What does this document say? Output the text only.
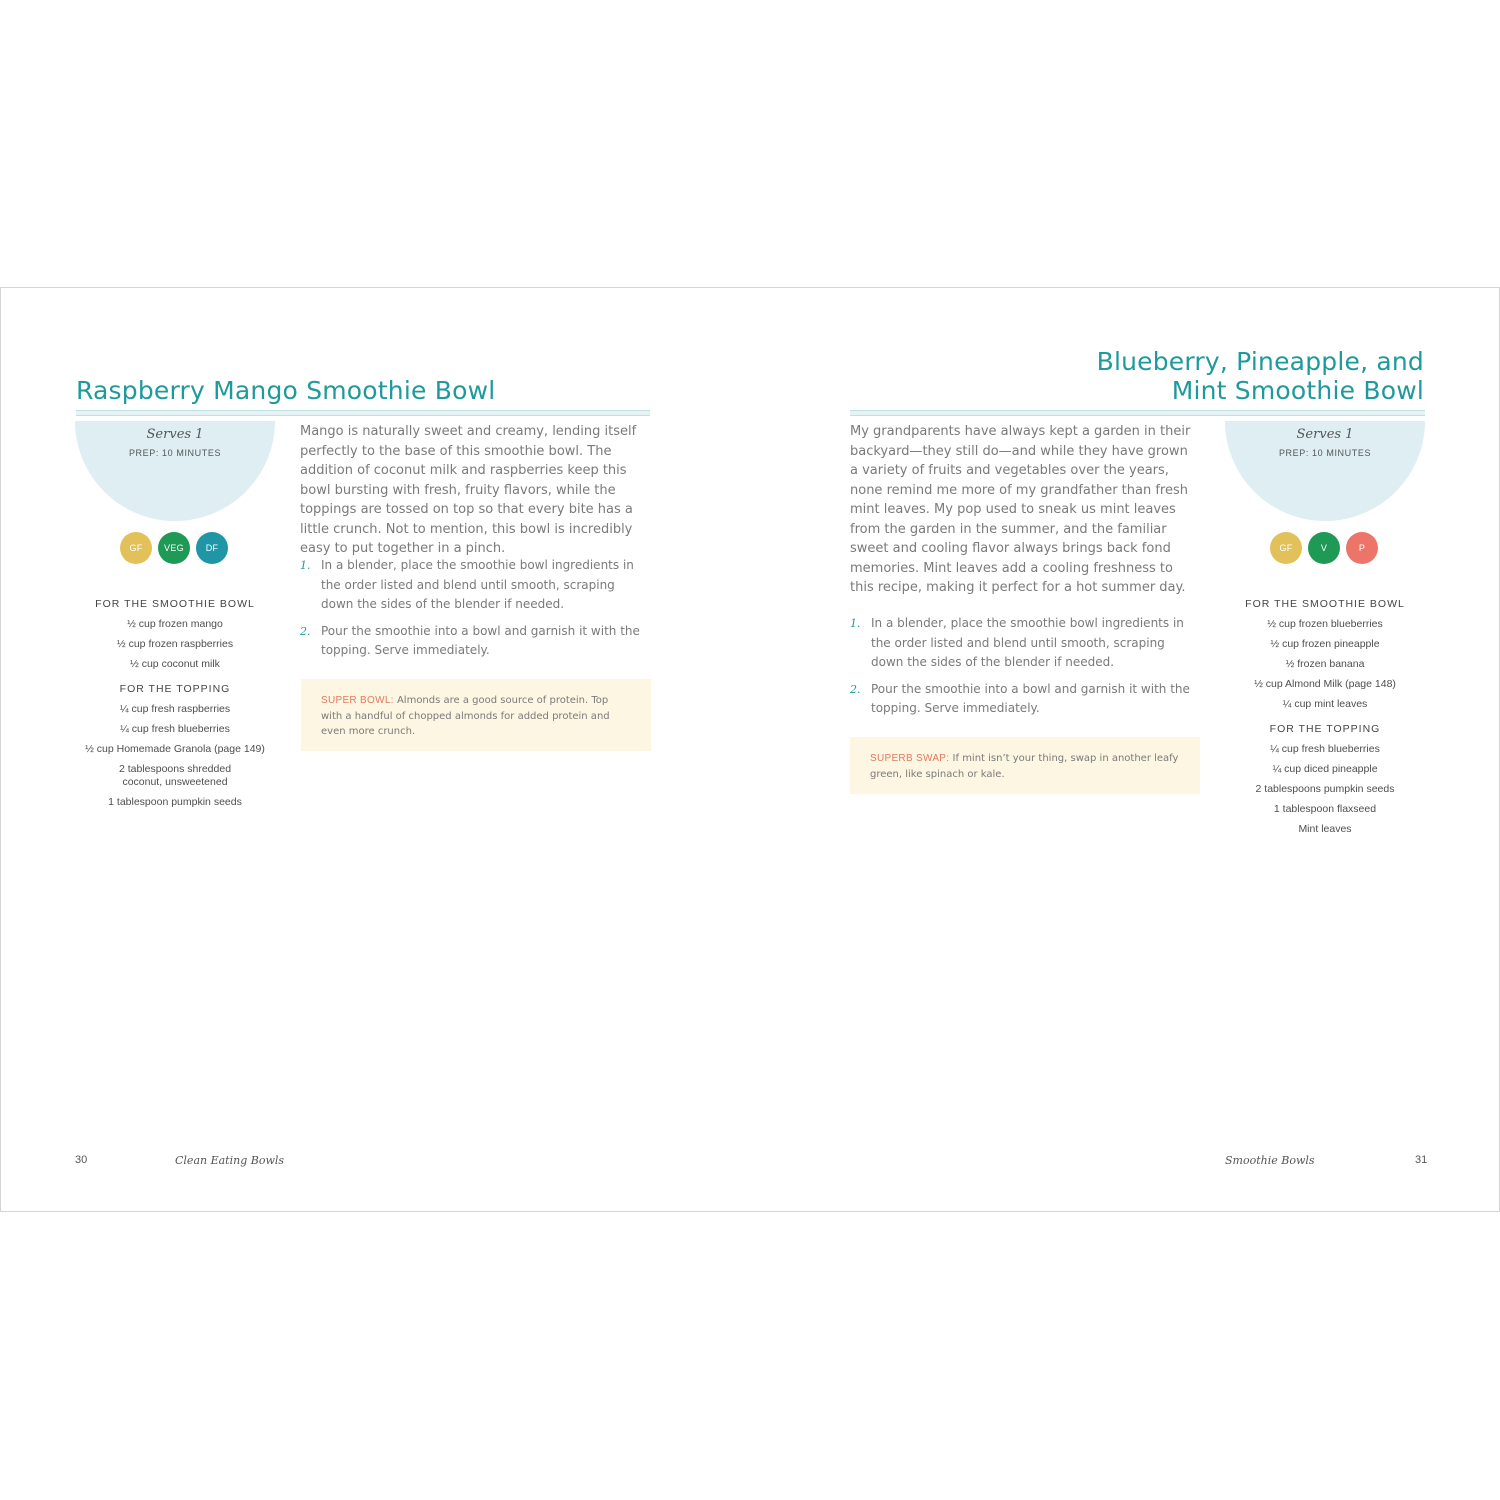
Raspberry Mango Smoothie Bowl
Serves 1
PREP: 10 MINUTES
GF	VEG	DF
FOR THE SMOOTHIE BOWL
½ cup frozen mango
½ cup frozen raspberries
½ cup coconut milk
FOR THE TOPPING
¼ cup fresh raspberries
¼ cup fresh blueberries
½ cup Homemade Granola (page 149)
2 tablespoons shredded coconut, unsweetened
1 tablespoon pumpkin seeds

Mango is naturally sweet and creamy, lending itself perfectly to the base of this smoothie bowl. The addition of coconut milk and raspberries keep this bowl bursting with fresh, fruity flavors, while the toppings are tossed on top so that every bite has a little crunch. Not to mention, this bowl is incredibly easy to put together in a pinch.

1. In a blender, place the smoothie bowl ingredients in the order listed and blend until smooth, scraping down the sides of the blender if needed.
2. Pour the smoothie into a bowl and garnish it with the topping. Serve immediately.
SUPER BOWL: Almonds are a good source of protein. Top with a handful of chopped almonds for added protein and even more crunch.
30	Clean Eating Bowls
Blueberry, Pineapple, and
Mint Smoothie Bowl
Serves 1
PREP: 10 MINUTES
GF	V	P
FOR THE SMOOTHIE BOWL
½ cup frozen blueberries
½ cup frozen pineapple
½ frozen banana
½ cup Almond Milk (page 148)
¼ cup mint leaves
FOR THE TOPPING
¼ cup fresh blueberries
¼ cup diced pineapple
2 tablespoons pumpkin seeds
1 tablespoon flaxseed
Mint leaves

My grandparents have always kept a garden in their backyard—they still do—and while they have grown a variety of fruits and vegetables over the years, none remind me more of my grandfather than fresh mint leaves. My pop used to sneak us mint leaves from the garden in the summer, and the familiar sweet and cooling flavor always brings back fond memories. Mint leaves add a cooling freshness to this recipe, making it perfect for a hot summer day.

1. In a blender, place the smoothie bowl ingredients in the order listed and blend until smooth, scraping down the sides of the blender if needed.
2. Pour the smoothie into a bowl and garnish it with the topping. Serve immediately.
SUPERB SWAP: If mint isn’t your thing, swap in another leafy green, like spinach or kale.
Smoothie Bowls	31
